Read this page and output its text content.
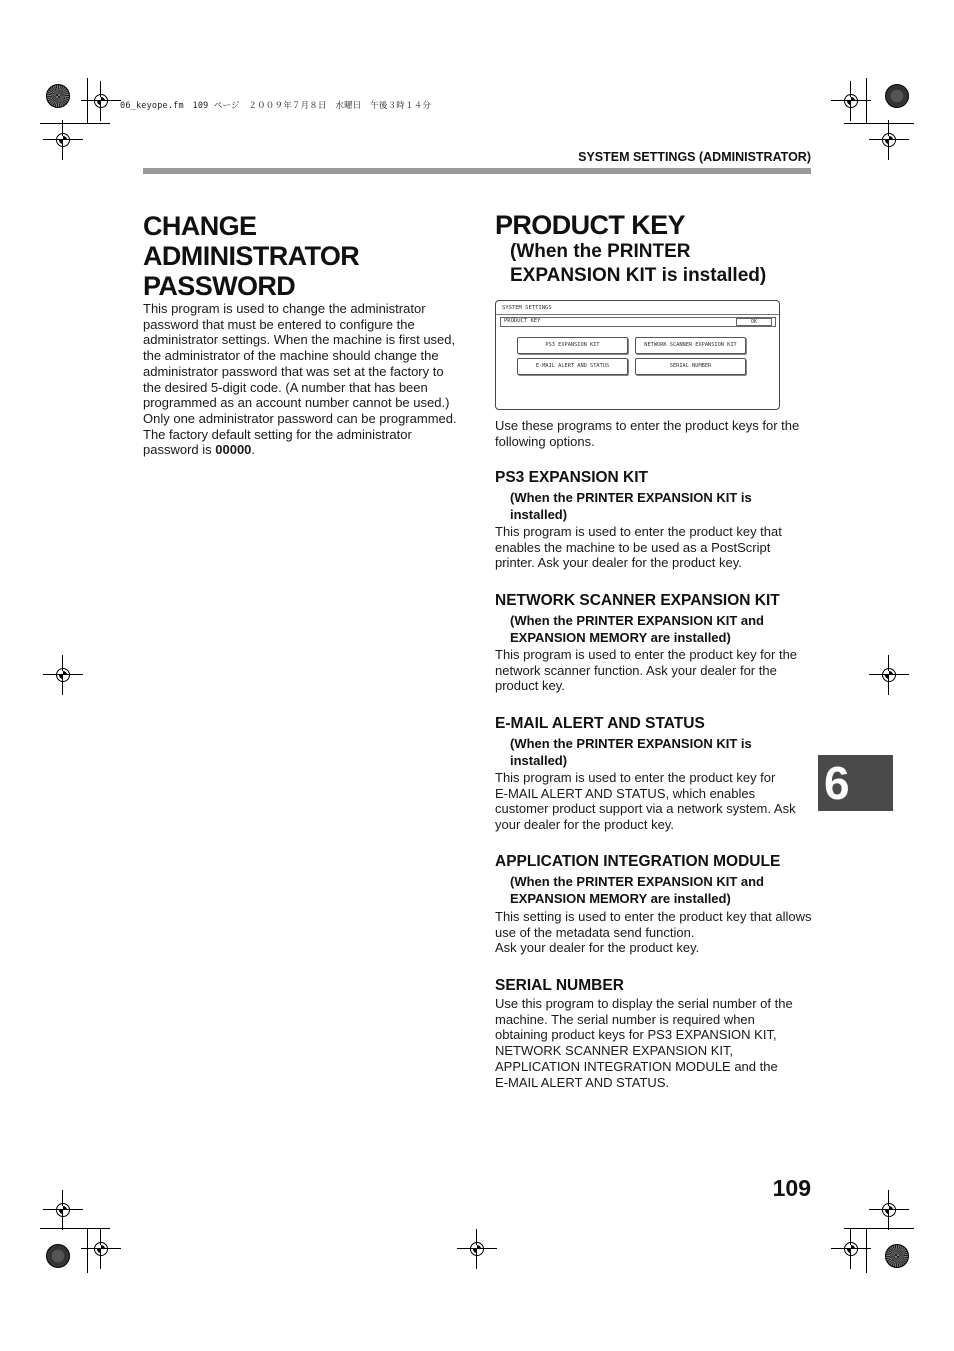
06_keyope.fm　109 ページ　２００９年７月８日　水曜日　午後３時１４分
SYSTEM SETTINGS (ADMINISTRATOR)
CHANGE ADMINISTRATOR
PASSWORD

This program is used to change the administrator
password that must be entered to configure the
administrator settings. When the machine is first used,
the administrator of the machine should change the
administrator password that was set at the factory to
the desired 5-digit code. (A number that has been
programmed as an account number cannot be used.)
Only one administrator password can be programmed.
The factory default setting for the administrator
password is 00000.

PRODUCT KEY
(When the PRINTER
EXPANSION KIT is installed)
SYSTEM SETTINGS
PRODUCT KEY	OK
PS3 EXPANSION KIT	NETWORK SCANNER EXPANSION KIT
E-MAIL ALERT AND STATUS	SERIAL NUMBER
Use these programs to enter the product keys for the
following options.
PS3 EXPANSION KIT
(When the PRINTER EXPANSION KIT is
installed)

This program is used to enter the product key that
enables the machine to be used as a PostScript
printer. Ask your dealer for the product key.

NETWORK SCANNER EXPANSION KIT
(When the PRINTER EXPANSION KIT and
EXPANSION MEMORY are installed)

This program is used to enter the product key for the
network scanner function. Ask your dealer for the
product key.

E-MAIL ALERT AND STATUS
(When the PRINTER EXPANSION KIT is
installed)

This program is used to enter the product key for
E-MAIL ALERT AND STATUS, which enables
customer product support via a network system. Ask
your dealer for the product key.

APPLICATION INTEGRATION MODULE
(When the PRINTER EXPANSION KIT and
EXPANSION MEMORY are installed)

This setting is used to enter the product key that allows
use of the metadata send function.
Ask your dealer for the product key.

SERIAL NUMBER

Use this program to display the serial number of the
machine. The serial number is required when
obtaining product keys for PS3 EXPANSION KIT,
NETWORK SCANNER EXPANSION KIT,
APPLICATION INTEGRATION MODULE and the
E-MAIL ALERT AND STATUS.

6
109
